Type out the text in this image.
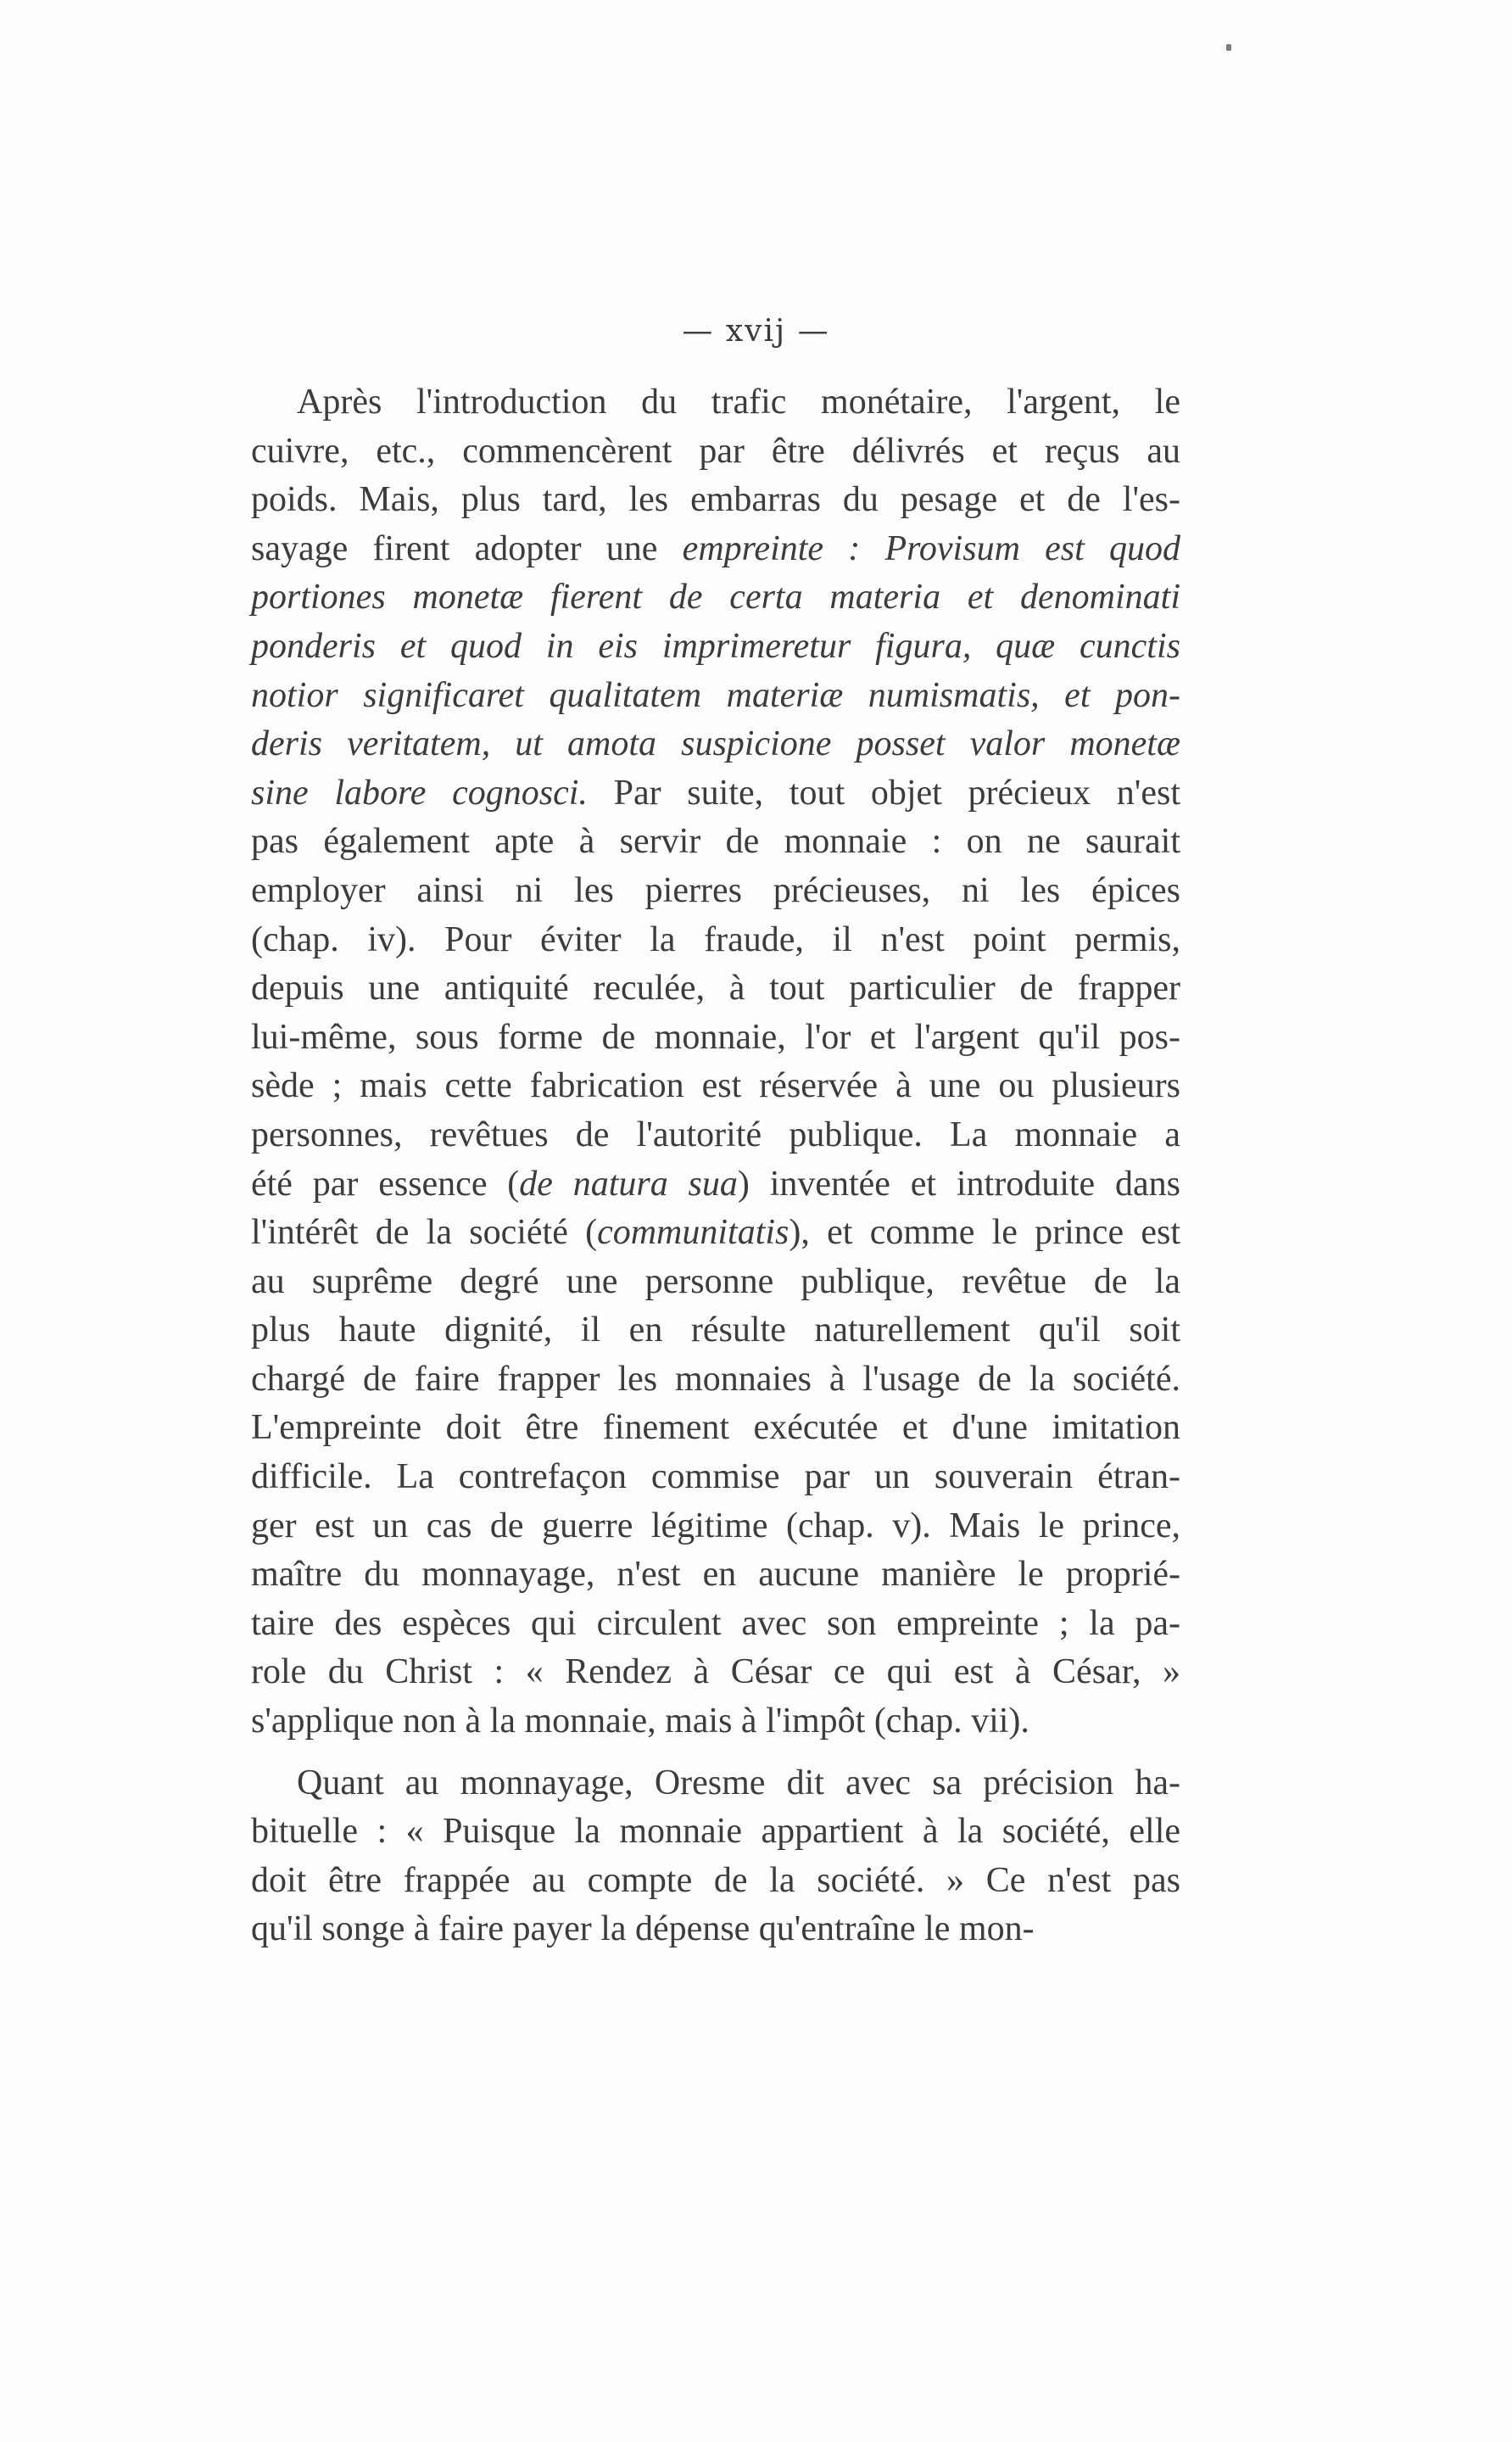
— xvij —
Après l'introduction du trafic monétaire, l'argent, le
cuivre, etc., commencèrent par être délivrés et reçus au
poids. Mais, plus tard, les embarras du pesage et de l'es-
sayage firent adopter une empreinte : Provisum est quod
portiones monetæ fierent de certa materia et denominati
ponderis et quod in eis imprimeretur figura, quæ cunctis
notior significaret qualitatem materiæ numismatis, et pon-
deris veritatem, ut amota suspicione posset valor monetæ
sine labore cognosci. Par suite, tout objet précieux n'est
pas également apte à servir de monnaie : on ne saurait
employer ainsi ni les pierres précieuses, ni les épices
(chap. iv). Pour éviter la fraude, il n'est point permis,
depuis une antiquité reculée, à tout particulier de frapper
lui-même, sous forme de monnaie, l'or et l'argent qu'il pos-
sède ; mais cette fabrication est réservée à une ou plusieurs
personnes, revêtues de l'autorité publique. La monnaie a
été par essence (de natura sua) inventée et introduite dans
l'intérêt de la société (communitatis), et comme le prince est
au suprême degré une personne publique, revêtue de la
plus haute dignité, il en résulte naturellement qu'il soit
chargé de faire frapper les monnaies à l'usage de la société.
L'empreinte doit être finement exécutée et d'une imitation
difficile. La contrefaçon commise par un souverain étran-
ger est un cas de guerre légitime (chap. v). Mais le prince,
maître du monnayage, n'est en aucune manière le proprié-
taire des espèces qui circulent avec son empreinte ; la pa-
role du Christ : « Rendez à César ce qui est à César, »
s'applique non à la monnaie, mais à l'impôt (chap. vii).
Quant au monnayage, Oresme dit avec sa précision ha-
bituelle : « Puisque la monnaie appartient à la société, elle
doit être frappée au compte de la société. » Ce n'est pas
qu'il songe à faire payer la dépense qu'entraîne le mon-
